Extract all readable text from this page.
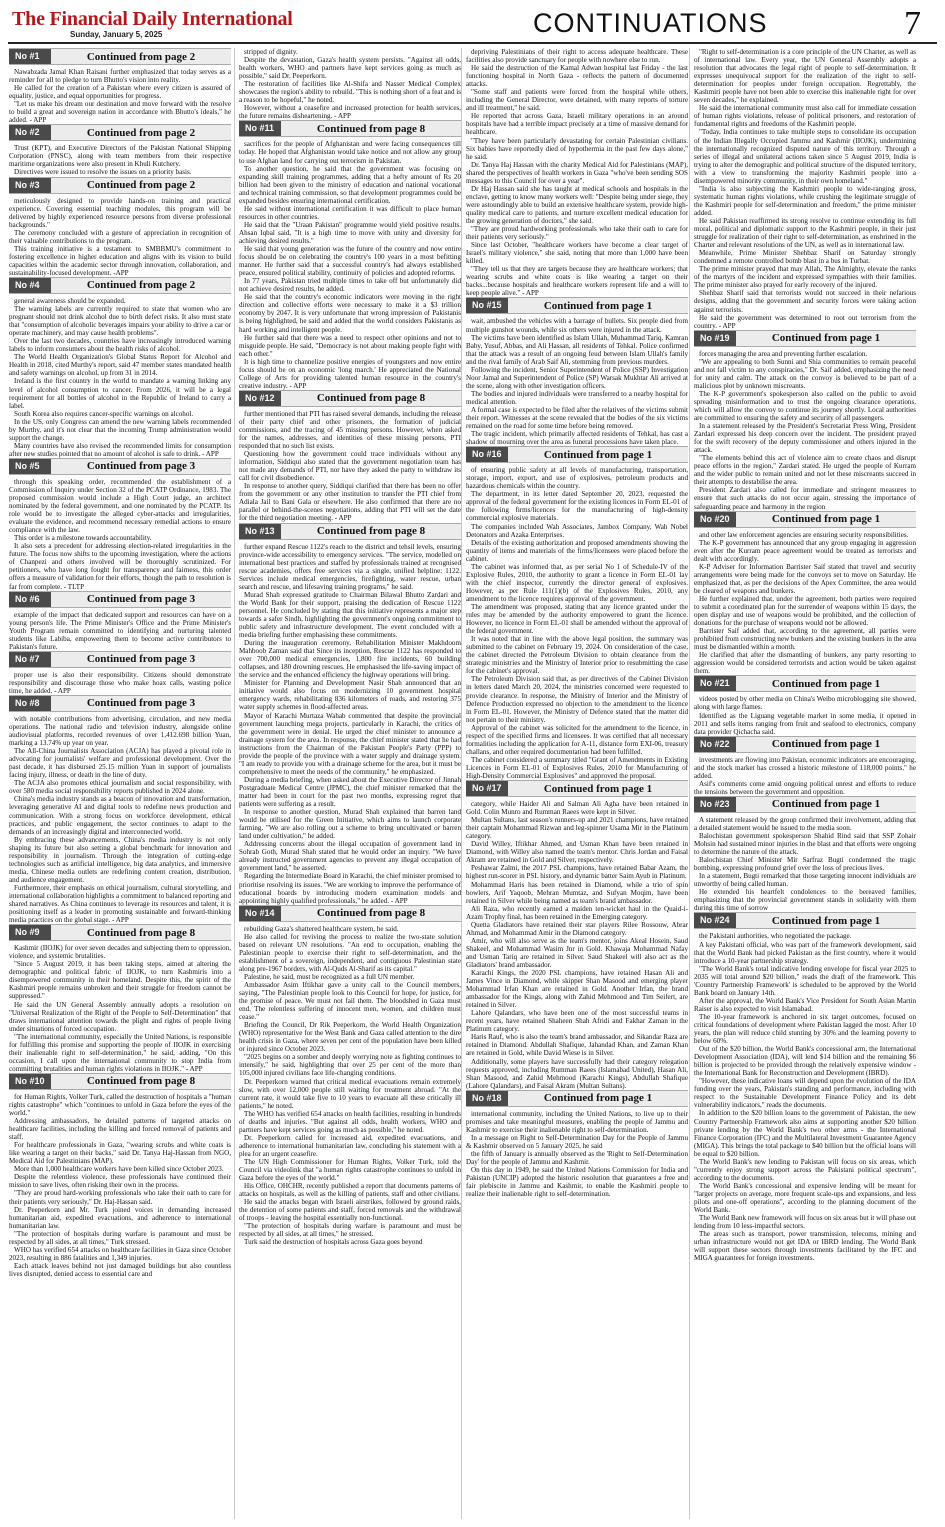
The Financial Daily International
Sunday, January 5, 2025	CONTINUATIONS	7
No #1	Continued from page 2

Nawabzada Jamal Khan Raisani further emphasized that today serves as a reminder for all to pledge to turn Bhutto's vision into reality.

He called for the creation of a Pakistan where every citizen is assured of equality, justice, and equal opportunities for progress.

"Let us make his dream our destination and move forward with the resolve to build a great and sovereign nation in accordance with Bhutto's ideals," he added. - APP

No #2	Continued from page 2

Trust (KPT), and Executive Directors of the Pakistan National Shipping Corporation (PNSC), along with team members from their respective maritime organizations were also present in Khuli Kutchery.

Directives were issued to resolve the issues on a priority basis.

No #3	Continued from page 2

meticulously designed to provide hands-on training and practical experience. Covering essential teaching modules, this program will be delivered by highly experienced resource persons from diverse professional backgrounds."

The ceremony concluded with a gesture of appreciation in recognition of their valuable contributions to the program.

This training initiative is a testament to SMBBMU's commitment to fostering excellence in higher education and aligns with its vision to build capacities within the academic sector through innovation, collaboration, and sustainability-focused development. -APP

No #4	Continued from page 2

general awareness should be expanded.

The warning labels are currently required to state that women who are pregnant should not drink alcohol due to birth defect risks. It also must state that "consumption of alcoholic beverages impairs your ability to drive a car or operate machinery, and may cause health problems".

Over the last two decades, countries have increasingly introduced warning labels to inform consumers about the health risks of alcohol.

The World Health Organization's Global Status Report for Alcohol and Health in 2018, cited Murthy's report, said 47 member states mandated health and safety warnings on alcohol, up from 31 in 2014.

Ireland is the first country in the world to mandate a warning linking any level of alcohol consumption to cancer. From 2026, it will be a legal requirement for all bottles of alcohol in the Republic of Ireland to carry a label.

South Korea also requires cancer-specific warnings on alcohol.

In the US, only Congress can amend the new warning labels recommended by Murthy, and it's not clear that the incoming Trump administration would support the change.

Many countries have also revised the recommended limits for consumption after new studies pointed that no amount of alcohol is safe to drink. - APP

No #5	Continued from page 3

through this speaking order, recommended the establishment of a Commission of Inquiry under Section 32 of the PCATP Ordinance, 1983. The proposed commission would include a High Court judge, an architect nominated by the federal government, and one nominated by the PCATP. Its role would be to investigate the alleged cyber-attacks and irregularities, evaluate the evidence, and recommend necessary remedial actions to ensure compliance with the law.

This order is a milestone towards accountability.

It also sets a precedent for addressing election-related irregularities in the future. The focus now shifts to the upcoming investigation, where the actions of Chanpezi and others involved will be thoroughly scrutinized. For petitioners, who have long fought for transparency and fairness, this order offers a measure of validation for their efforts, though the path to resolution is far from complete. - TLTP

No #6	Continued from page 3

example of the impact that dedicated support and resources can have on a young person's life. The Prime Minister's Office and the Prime Minister's Youth Program remain committed to identifying and nurturing talented students like Labiba, empowering them to become active contributors to Pakistan's future.

No #7	Continued from page 3

proper use is also their responsibility. Citizens should demonstrate responsibility and discourage those who make hoax calls, wasting police time, he added. - APP

No #8	Continued from page 3

with notable contributions from advertising, circulation, and new media operations. The national radio and television industry, alongside online audiovisual platforms, recorded revenues of over 1,412.698 billion Yuan, marking a 13.74% up year on year.

The All-China Journalists Association (ACJA) has played a pivotal role in advocating for journalists' welfare and professional development. Over the past decade, it has disbursed 25.15 million Yuan in support of journalists facing injury, illness, or death in the line of duty.

The ACJA also promotes ethical journalism and social responsibility, with over 580 media social responsibility reports published in 2024 alone.

China's media industry stands as a beacon of innovation and transformation, leveraging generative AI and digital tools to redefine news production and communication. With a strong focus on workforce development, ethical practices, and public engagement, the sector continues to adapt to the demands of an increasingly digital and interconnected world.

By embracing these advancements, China's media industry is not only shaping its future but also setting a global benchmark for innovation and responsibility in journalism. Through the integration of cutting-edge technologies such as artificial intelligence, big data analytics, and immersive media, Chinese media outlets are redefining content creation, distribution, and audience engagement.

Furthermore, their emphasis on ethical journalism, cultural storytelling, and international collaboration highlights a commitment to balanced reporting and shared narratives. As China continues to leverage its resources and talent, it is positioning itself as a leader in promoting sustainable and forward-thinking media practices on the global stage. - APP

No #9	Continued from page 8

Kashmir (IIOJK) for over seven decades and subjecting them to oppression, violence, and systemic brutalities.

"Since 5 August 2019, it has been taking steps, aimed at altering the demographic and political fabric of IIOJK, to turn Kashmiris into a disempowered community in their homeland. Despite this, the spirit of the Kashmiri people remains unbroken and their struggle for freedom cannot be suppressed."

He said the UN General Assembly annually adopts a resolution on "Universal Realization of the Right of the People to Self-Determination" that draws international attention towards the plight and rights of people living under situations of forced occupation.

"The international community, especially the United Nations, is responsible for fulfilling this promise and supporting the people of IIOJK in exercising their inalienable right to self-determination," he said, adding, "On this occasion, I call upon the international community to stop India from committing brutalities and human rights violations in IIOJK." - APP

No #10	Continued from page 8

for Human Rights, Volker Turk, called the destruction of hospitals a "human rights catastrophe" which "continues to unfold in Gaza before the eyes of the world."

Addressing ambassadors, he detailed patterns of targeted attacks on healthcare facilities, including the killing and forced removal of patients and staff.

For healthcare professionals in Gaza, "wearing scrubs and white coats is like wearing a target on their backs," said Dr. Tanya Haj-Hassan from NGO, Medical Aid for Palestinians (MAP).

More than 1,000 healthcare workers have been killed since October 2023.

Despite the relentless violence, these professionals have continued their mission to save lives, often risking their own in the process.

"They are proud hard-working professionals who take their oath to care for their patients very seriously," Dr. Haj-Hassan said.

Dr. Peeperkorn and Mr. Turk joined voices in demanding increased humanitarian aid, expedited evacuations, and adherence to international humanitarian law.

"The protection of hospitals during warfare is paramount and must be respected by all sides, at all times," Turk stressed.

WHO has verified 654 attacks on healthcare facilities in Gaza since October 2023, resulting in 886 fatalities and 1,349 injuries.

Each attack leaves behind not just damaged buildings but also countless lives disrupted, denied access to essential care and

stripped of dignity.

Despite the devastation, Gaza's health system persists. "Against all odds, health workers, WHO and partners have kept services going as much as possible," said Dr. Peeperkorn.

The restoration of facilities like Al-Shifa and Nasser Medical Complex showcases the region's ability to rebuild. "This is nothing short of a feat and is a reason to be hopeful," he noted.

However, without a ceasefire and increased protection for health services, the future remains disheartening. - APP

No #11	Continued from page 8

sacrifices for the people of Afghanistan and were facing consequences till today. He hoped that Afghanistan would take notice and not allow any group to use Afghan land for carrying out terrorism in Pakistan.

To another question, he said that the government was focusing on expanding skill training programmes, adding that a hefty amount of Rs 20 billion had been given to the ministry of education and national vocational and technical training commission, so that development programmes could be expanded besides ensuring international certification.

He said without international certification it was difficult to place human resources in other countries.

He said that the "Uraan Pakistan" programme would yield positive results. Ahsan Iqbal said, "It is a high time to move with unity and diversity for achieving desired results."

He said that young generation was the future of the country and now entire focus should be on celebrating the country's 100 years in a most befitting manner. He further said that a successful country's had always established peace, ensured political stability, continuity of policies and adopted reforms.

In 77 years, Pakistan tried multiple times to take off but unfortunately did not achieve desired results, he added.

He said that the country's economic indicators were moving in the right direction and collective efforts were necessary to make it a $3 trillion economy by 2047. It is very unfortunate that wrong impression of Pakistanis is being highlighted, he said and added that the world considers Pakistanis as hard working and intelligent people.

He further said that there was a need to respect other opinions and not to misguide people. He said, "Democracy is not about making people fight with each other."

It is high time to channelize positive energies of youngsters and now entire focus should be on an economic 'long march.' He appreciated the National College of Arts for providing talented human resource in the country's creative industry. - APP

No #12	Continued from page 8

further mentioned that PTI has raised several demands, including the release of their party chief and other prisoners, the formation of judicial commissions, and the tracing of 45 missing persons. However, when asked for the names, addresses, and identities of these missing persons, PTI responded that no such list exists.

Questioning how the government could trace individuals without any information, Siddiqui also stated that the government negotiation team has not made any demands of PTI, nor have they asked the party to withdraw its call for civil disobedience.

In response to another query, Siddiqui clarified that there has been no offer from the government or any other institution to transfer the PTI chief from Adiala Jail to Bani Gala or elsewhere. He also confirmed that there are no parallel or behind-the-scenes negotiations, adding that PTI will set the date for the third negotiation meeting. - APP

No #13	Continued from page 8

further expand Rescue 1122's reach to the district and tehsil levels, ensuring province-wide accessibility to emergency services. "The service, modelled on international best practices and staffed by professionals trained at recognised rescue academies, offers free services via a single, unified helpline: 1122. Services include medical emergencies, firefighting, water rescue, urban search and rescue, and lifesaving training programs," he said.

Murad Shah expressed gratitude to Chairman Bilawal Bhutto Zardari and the World Bank for their support, praising the dedication of Rescue 1122 personnel. He concluded by stating that this initiative represents a major step towards a safer Sindh, highlighting the government's ongoing commitment to public safety and infrastructure development. The event concluded with a media briefing further emphasising these commitments.

During the inauguration ceremony, Rehabilitation Minister Makhdoom Mahboob Zaman said that Since its inception, Rescue 1122 has responded to over 700,000 medical emergencies, 1,800 fire incidents, 60 building collapses, and 180 drowning rescues. He emphasised the life-saving impact of the service and the enhanced efficiency the highway operations will bring.

Minister for Planning and Development Nasir Shah announced that an initiative would also focus on modernizing 10 government hospital emergency wards, rehabilitating 836 kilometers of roads, and restoring 375 water supply schemes in flood-affected areas.

Mayor of Karachi Murtaza Wahab commented that despite the provincial government launching mega projects, particularly in Karachi, the critics of the government were in denial. He urged the chief minister to announce a drainage system for the area. In response, the chief minister stated that he had instructions from the Chairman of the Pakistan People's Party (PPP) to provide the people of the province with a water supply and drainage system. "I am ready to provide you with a drainage scheme for the area, but it must be comprehensive to meet the needs of the community," he emphasized.

During a media briefing, when asked about the Executive Director of Jinnah Postgraduate Medical Centre (JPMC), the chief minister remarked that the matter had been in court for the past two months, expressing regret that patients were suffering as a result.

In response to another question, Murad Shah explained that barren land would be utilised for the Green Initiative, which aims to launch corporate farming. "We are also rolling out a scheme to bring uncultivated or barren land under cultivation," he added.

Addressing concerns about the illegal occupation of government land in Sohrab Goth, Murad Shah stated that he would order an inquiry. "We have already instructed government agencies to prevent any illegal occupation of government land," he asserted.

Regarding the Intermediate Board in Karachi, the chief minister promised to prioritise resolving its issues. "We are working to improve the performance of educational boards by introducing modern examination models and appointing highly qualified professionals," he added. - APP

No #14	Continued from page 8

rebuilding Gaza's shattered healthcare system, he said.

He also called for reviving the process to realize the two-state solution based on relevant UN resolutions. "An end to occupation, enabling the Palestinian people to exercise their right to self-determination, and the establishment of a sovereign, independent, and contiguous Palestinian state along pre-1967 borders, with Al-Quds Al-Sharif as its capital."

Palestine, he said, must be recognized as a full UN member.

Ambassador Asim Iftikhar gave a unity call to the Council members, saying, "The Palestinian people look to this Council for hope, for justice, for the promise of peace. We must not fail them. The bloodshed in Gaza must end. The relentless suffering of innocent men, women, and children must cease."

Briefing the Council, Dr Rik Peeperkorn, the World Health Organization (WHO) representative for the West Bank and Gaza called attention to the dire health crisis in Gaza, where seven per cent of the population have been killed or injured since October 2023.

"2025 begins on a somber and deeply worrying note as fighting continues to intensify," he said, highlighting that over 25 per cent of the more than 105,000 injured civilians face life-changing conditions.

Dr. Peeperkorn warned that critical medical evacuations remain extremely slow, with over 12,000 people still waiting for treatment abroad. "At the current rate, it would take five to 10 years to evacuate all these critically ill patients," he noted.

The WHO has verified 654 attacks on health facilities, resulting in hundreds of deaths and injuries. "But against all odds, health workers, WHO and partners have kept services going as much as possible," he noted.

Dr. Peeperkorn called for increased aid, expedited evacuations, and adherence to international humanitarian law, concluding his statement with a plea for an urgent ceasefire.

The UN High Commissioner for Human Rights, Volker Turk, told the Council via videolink that "a human rights catastrophe continues to unfold in Gaza before the eyes of the world."

His Office, OHCHR, recently published a report that documents patterns of attacks on hospitals, as well as the killing of patients, staff and other civilians.

He said the attacks began with Israeli airstrikes, followed by ground raids, the detention of some patients and staff, forced removals and the withdrawal of troops - leaving the hospital essentially non-functional.

"The protection of hospitals during warfare is paramount and must be respected by all sides, at all times," he stressed.

Turk said the destruction of hospitals across Gaza goes beyond

depriving Palestinians of their right to access adequate healthcare. These facilities also provide sanctuary for people with nowhere else to run.

He said the destruction of the Kamal Adwan hospital last Friday - the last functioning hospital in North Gaza - reflects the pattern of documented attacks.

"Some staff and patients were forced from the hospital while others, including the General Director, were detained, with many reports of torture and ill treatment," he said.

He reported that across Gaza, Israeli military operations in an around hospitals have had a terrible impact precisely at a time of massive demand for healthcare.

"They have been particularly devastating for certain Palestinian civilians. Six babies have reportedly died of hypothermia in the past few days alone," he said.

Dr. Tanya Haj Hassan with the charity Medical Aid for Palestinians (MAP), shared the perspectives of health workers in Gaza "who've been sending SOS messages to this Council for over a year".

Dr Haj Hassan said she has taught at medical schools and hospitals in the enclave, getting to know many workers well: "Despite being under siege, they were astoundingly able to build an extensive healthcare system, provide high-quality medical care to patients, and nurture excellent medical education for the growing generation of doctors," she said.

"They are proud hardworking professionals who take their oath to care for their patients very seriously."

Since last October, "healthcare workers have become a clear target of Israel's military violence," she said, noting that more than 1,000 have been killed.

"They tell us that they are targets because they are healthcare workers; that wearing scrubs and white coats is like wearing a target on their backs...because hospitals and healthcare workers represent life and a will to keep people alive." - APP

No #15	Continued from page 1

wait, ambushed the vehicles with a barrage of bullets. Six people died from multiple gunshot wounds, while six others were injured in the attack.

The victims have been identified as Islam Ullah, Muhammad Tariq, Kamran Baby, Yusuf, Abbas, and Ali Hassan, all residents of Tehkal. Police confirmed that the attack was a result of an ongoing feud between Islam Ullah's family and the rival family of Arab Saif Ali, stemming from previous murders.

Following the incident, Senior Superintendent of Police (SSP) Investigation Noor Jamal and Superintendent of Police (SP) Warsak Mukhtar Ali arrived at the scene, along with other investigation officers.

The bodies and injured individuals were transferred to a nearby hospital for medical attention.

A formal case is expected to be filed after the relatives of the victims submit their report. Witnesses at the scene revealed that the bodies of the six victims remained on the road for some time before being removed.

The tragic incident, which primarily affected residents of Tehkal, has cast a shadow of mourning over the area as funeral processions have taken place.

No #16	Continued from page 1

of ensuring public safety at all levels of manufacturing, transportation, storage, import, export, and use of explosives, petroleum products and hazardous chemicals within the country.

The department, in its letter dated September 20, 2023, requested the approval of the federal government for the existing licences in Form EL-01 of the following firms/licences for the manufacturing of high-density commercial explosive materials.

The companies included Wah Associates, Jambox Company, Wah Nobel Detonators and Azaka Enterprises.

Details of the existing authorization and proposed amendments showing the quantity of items and materials of the firms/licensees were placed before the cabinet.

The cabinet was informed that, as per serial No 1 of Schedule-IV of the Explosive Rules, 2010, the authority to grant a licence in Form EL-01 lay with the chief inspector, currently the director general of explosives. However, as per Rule 111(1)(b) of the Explosives Rules, 2010, any amendment to the licence requires approval of the government.

The amendment was proposed, stating that any licence granted under the rules may be amended by the authority empowered to grant the licence. However, no licence in Form EL-01 shall be amended without the approval of the federal government.

It was noted that in line with the above legal position, the summary was submitted to the cabinet on February 19, 2024. On consideration of the case, the cabinet directed the Petroleum Division to obtain clearance from the strategic ministries and the Ministry of Interior prior to resubmitting the case for the cabinet's approval.

The Petroleum Division said that, as per directives of the Cabinet Division in letters dated March 20, 2024, the ministries concerned were requested to provide clearance. In response, the Ministry of Interior and the Ministry of Defence Production expressed no objection to the amendment to the licence in Form EL-01. However, the Ministry of Defence stated that the matter did not pertain to their ministry.

Approval of the cabinet was solicited for the amendment to the licence, in respect of the specified firms and licensees. It was certified that all necessary formalities including the application for A-11, distance form EXI-06, treasury challans, and other required documentation had been fulfilled.

The cabinet considered a summary titled "Grant of Amendments in Existing Licences in Form EL-01 of Explosives Rules, 2010 for Manufacturing of High-Density Commercial Explosives" and approved the proposal.

No #17	Continued from page 1

category, while Haider Ali and Salman Ali Agha have been retained in Gold. Colin Munro and Rumman Raees were kept in Silver.

Multan Sultans, last season's runners-up and 2021 champions, have retained their captain Mohammad Rizwan and leg-spinner Usama Mir in the Platinum category.

David Willey, Iftikhar Ahmed, and Usman Khan have been retained in Diamond, with Willey also named the team's mentor. Chris Jordan and Faisal Akram are retained in Gold and Silver, respectively.

Peshawar Zalmi, the 2017 PSL champions, have retained Babar Azam, the highest run-scorer in PSL history, and dynamic batter Saim Ayub in Platinum.

Mohammad Haris has been retained in Diamond, while a trio of spin bowlers, Arif Yaqoob, Mehran Mumtaz, and Sufyan Moqim, have been retained in Silver while being named as team's brand ambassador.

Ali Raza, who recently earned a maiden ten-wicket haul in the Quaid-i-Azam Trophy final, has been retained in the Emerging category.

Quetta Gladiators have retained their star players Rilee Rossouw, Abrar Ahmad, and Mohammad Amir in the Diamond category.

Amir, who will also serve as the team's mentor, joins Akeal Hosein, Saud Shakeel, and Mohammad Wasim Jnr in Gold. Khawaja Mohammad Nafay and Usman Tariq are retained in Silver. Saud Shakeel will also act as the Gladiators' brand ambassador.

Karachi Kings, the 2020 PSL champions, have retained Hasan Ali and James Vince in Diamond, while skipper Shan Masood and emerging player Mohammad Irfan Khan are retained in Gold. Another Irfan, the brand ambassador for the Kings, along with Zahid Mehmood and Tim Seifert, are retained in Silver.

Lahore Qalandars, who have been one of the most successful teams in recent years, have retained Shaheen Shah Afridi and Fakhar Zaman in the Platinum category.

Haris Rauf, who is also the team's brand ambassador, and Sikandar Raza are retained in Diamond. Abdullah Shafique, Jahandad Khan, and Zaman Khan are retained in Gold, while David Wiese is in Silver.

Additionally, some players have successfully had their category relegation requests approved, including Rumman Raees (Islamabad United), Hasan Ali, Shan Masood, and Zahid Mehmood (Karachi Kings), Abdullah Shafique (Lahore Qalandars), and Faisal Akram (Multan Sultans).

No #18	Continued from page 1

international community, including the United Nations, to live up to their promises and take meaningful measures, enabling the people of Jammu and Kashmir to exercise their inalienable right to self-determination.

In a message on Right to Self-Determination Day for the People of Jammu & Kashmir observed on 5 January 2025, he said

the fifth of January is annually observed as the 'Right to Self-Determination Day' for the people of Jammu and Kashmir.

On this day in 1949, he said the United Nations Commission for India and Pakistan (UNCIP) adopted the historic resolution that guarantees a free and fair plebiscite in Jammu and Kashmir, to enable the Kashmiri people to realize their inalienable right to self-determination.

"Right to self-determination is a core principle of the UN Charter, as well as of international law. Every year, the UN General Assembly adopts a resolution that advocates the legal right of people to self-determination. It expresses unequivocal support for the realization of the right to self-determination for peoples under foreign occupation. Regrettably, the Kashmiri people have not been able to exercise this inalienable right for over seven decades," he explained.

He said the international community must also call for immediate cessation of human rights violations, release of political prisoners, and restoration of fundamental rights and freedoms of the Kashmiri people.

"Today, India continues to take multiple steps to consolidate its occupation of the Indian Illegally Occupied Jammu and Kashmir (IIOJK), undermining the internationally recognized disputed nature of this territory. Through a series of illegal and unilateral actions taken since 5 August 2019, India is trying to alter the demographic and political structure of the disputed territory, with a view to transforming the majority Kashmiri people into a disempowered minority community, in their own homeland."

"India is also subjecting the Kashmiri people to wide-ranging gross, systematic human rights violations, while crushing the legitimate struggle of the Kashmiri people for self-determination and freedom," the prime minister added.

He said Pakistan reaffirmed its strong resolve to continue extending its full moral, political and diplomatic support to the Kashmiri people, in their just struggle for realization of their right to self-determination, as enshrined in the Charter and relevant resolutions of the UN, as well as in international law.

Meanwhile, Prime Minister Shehbaz Sharif on Saturday strongly condemned a remote controlled bomb blast in a bus in Turbat.

The prime minister prayed that may Allah, The Almighty, elevate the ranks of the martyrs of the incident and expressed sympathies with their families. The prime minister also prayed for early recovery of the injured.

Shehbaz Sharif said that terrorists would not succeed in their nefarious designs, adding that the government and security forces were taking action against terrorists.

He said the government was determined to root out terrorism from the country. - APP

No #19	Continued from page 1

forces managing the area and preventing further escalation.

"We are appealing to both Sunni and Shia communities to remain peaceful and not fall victim to any conspiracies," Dr. Saif added, emphasizing the need for unity and calm. The attack on the convoy is believed to be part of a malicious plot by unknown miscreants.

The K-P government's spokesperson also called on the public to avoid spreading misinformation and to trust the ongoing clearance operations, which will allow the convoy to continue its journey shortly. Local authorities are committed to ensuring the safety and security of all passengers.

In a statement released by the President's Secretariat Press Wing, President Zardari expressed his deep concern over the incident. The president prayed for the swift recovery of the deputy commissioner and others injured in the attack.

"The elements behind this act of violence aim to create chaos and disrupt peace efforts in the region," Zardari stated. He urged the people of Kurram and the wider public to remain united and not let these miscreants succeed in their attempts to destabilise the area.

President Zardari also called for immediate and stringent measures to ensure that such attacks do not occur again, stressing the importance of safeguarding peace and harmony in the region

No #20	Continued from page 1

and other law enforcement agencies are ensuring security responsibilities.

The K-P government has announced that any group engaging in aggression even after the Kurram peace agreement would be treated as terrorists and dealt with accordingly.

K-P Adviser for Information Barrister Saif stated that travel and security arrangements were being made for the convoys set to move on Saturday. He emphasized that, as per the decisions of the Apex Committee, the area would be cleared of weapons and bunkers.

He further explained that, under the agreement, both parties were required to submit a coordinated plan for the surrender of weapons within 15 days, the open display and use of weapons would be prohibited, and the collection of donations for the purchase of weapons would not be allowed.

Barrister Saif added that, according to the agreement, all parties were prohibited from constructing new bunkers and the existing bunkers in the area must be dismantled within a month.

He clarified that after the dismantling of bunkers, any party resorting to aggression would be considered terrorists and action would be taken against them.

No #21	Continued from page 1

videos posted by other media on China's Weibo microblogging site showed, along with large flames.

Identified as the Liguang vegetable market in some media, it opened in 2011 and sells items ranging from fruit and seafood to electronics, company data provider Qichacha said.

No #22	Continued from page 1

investments are flowing into Pakistan, economic indicators are encouraging, and the stock market has crossed a historic milestone of 118,000 points," he added.

Asif's comments come amid ongoing political unrest and efforts to reduce the tensions between the government and opposition.

No #23	Continued from page 1

A statement released by the group confirmed their involvement, adding that a detailed statement would be issued to the media soon.

Balochistan government spokesperson Shahid Rind said that SSP Zohair Mohsin had sustained minor injuries in the blast and that efforts were ongoing to determine the nature of the attack.

Balochistan Chief Minister Mir Sarfraz Bugti condemned the tragic bombing, expressing profound grief over the loss of precious lives.

In a statement, Bugti remarked that those targeting innocent individuals are unworthy of being called human.

He extended his heartfelt condolences to the bereaved families, emphasizing that the provincial government stands in solidarity with them during this time of sorrow

No #24	Continued from page 1

the Pakistani authorities, who negotiated the package.

A key Pakistani official, who was part of the framework development, said that the World Bank had picked Pakistan as the first country, where it would introduce a 10-year partnership strategy.

"The World Bank's total indicative lending envelope for fiscal year 2025 to 2035 will total around $20 billion," reads the draft of the framework. This 'Country Partnership Framework' is scheduled to be approved by the World Bank board on January 14th.

After the approval, the World Bank's Vice President for South Asian Martin Raiser is also expected to visit Islamabad.

The 10-year framework is anchored in six target outcomes, focused on critical foundations of development where Pakistan lagged the most. After 10 years, the plan will reduce child stunting by 30% and the learning poverty to below 60%.

Out of the $20 billion, the World Bank's concessional arm, the International Development Association (IDA), will lend $14 billion and the remaining $6 billion is projected to be provided through the relatively expensive window - the International Bank for Reconstruction and Development (IBRD).

"However, these indicative loans will depend upon the evolution of the IDA funding over the years, Pakistan's standing and performance, including with respect to the Sustainable Development Finance Policy and its debt vulnerability indicators," reads the documents.

In addition to the $20 billion loans to the government of Pakistan, the new Country Partnership Framework also aims at supporting another $20 billion private lending by the World Bank's two other arms - the International Finance Corporation (IFC) and the Multilateral Investment Guarantee Agency (MIGA). This brings the total package to $40 billion but the official loans will be equal to $20 billion.

The World Bank's new lending to Pakistan will focus on six areas, which "currently enjoy strong support across the Pakistani political spectrum", according to the documents.

The World Bank's concessional and expensive lending will be meant for "larger projects on average, more frequent scale-ups and expansions, and less pilots and one-off operations", according to the planning document of the World Bank.

The World Bank new framework will focus on six areas but it will phase out lending from 10 less-impactful sectors.

The areas such as transport, power transmission, telecoms, mining and urban infrastructure would not get IDA or IBRD lending. The World Bank will support these sectors through investments facilitated by the IFC and MIGA guarantees for foreign investments.
